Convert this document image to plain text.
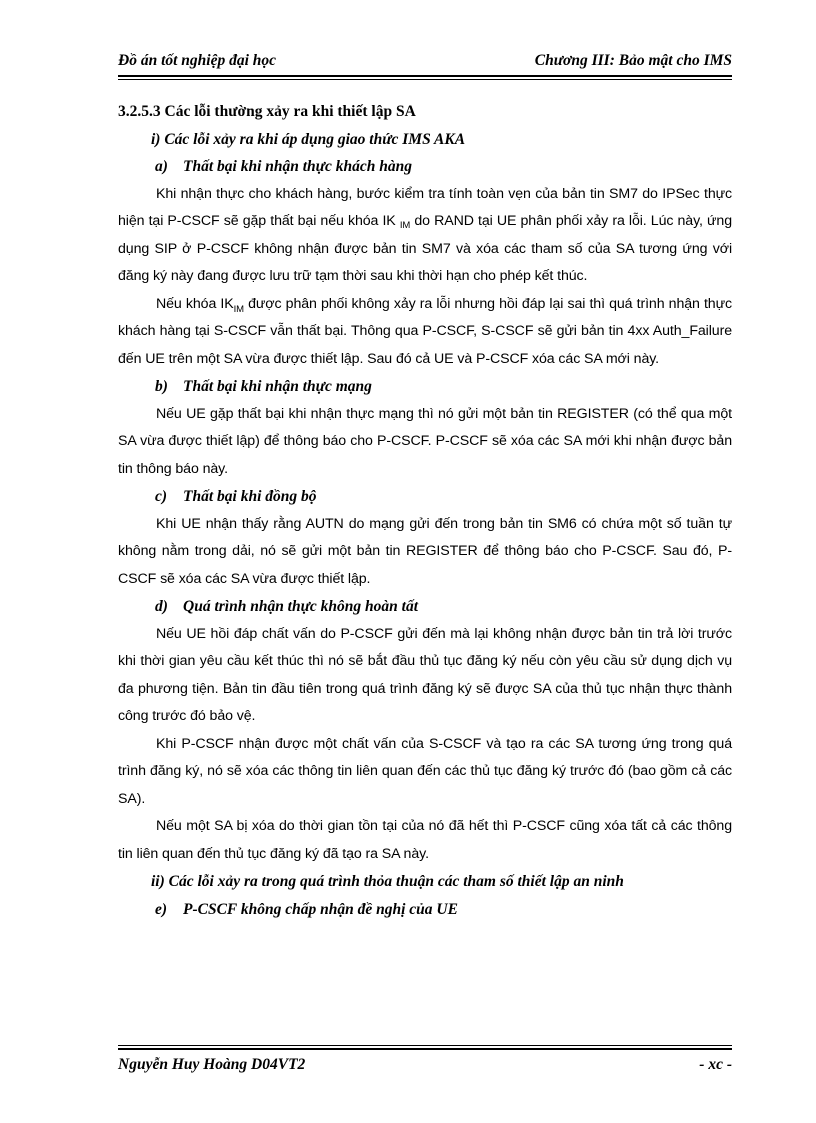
Đồ án tốt nghiệp đại học	Chương III: Bảo mật cho IMS

3.2.5.3 Các lỗi thường xảy ra khi thiết lập SA

i) Các lỗi xảy ra khi áp dụng giao thức IMS AKA

a) Thất bại khi nhận thực khách hàng

Khi nhận thực cho khách hàng, bước kiểm tra tính toàn vẹn của bản tin SM7 do IPSec thực hiện tại P-CSCF sẽ gặp thất bại nếu khóa IK $_{IM}$ do RAND tại UE phân phối xảy ra lỗi. Lúc này, ứng dụng SIP ở P-CSCF không nhận được bản tin SM7 và xóa các tham số của SA tương ứng với đăng ký này đang được lưu trữ tạm thời sau khi thời hạn cho phép kết thúc.

Nếu khóa $IK_{IM}$ được phân phối không xảy ra lỗi nhưng hồi đáp lại sai thì quá trình nhận thực khách hàng tại S-CSCF vẫn thất bại. Thông qua P-CSCF, S-CSCF sẽ gửi bản tin 4xx Auth_Failure đến UE trên một SA vừa được thiết lập. Sau đó cả UE và P-CSCF xóa các SA mới này.

b) Thất bại khi nhận thực mạng

Nếu UE gặp thất bại khi nhận thực mạng thì nó gửi một bản tin REGISTER (có thể qua một SA vừa được thiết lập) để thông báo cho P-CSCF. P-CSCF sẽ xóa các SA mới khi nhận được bản tin thông báo này.

c) Thất bại khi đồng bộ

Khi UE nhận thấy rằng AUTN do mạng gửi đến trong bản tin SM6 có chứa một số tuần tự không nằm trong dải, nó sẽ gửi một bản tin REGISTER để thông báo cho P-CSCF. Sau đó, P-CSCF sẽ xóa các SA vừa được thiết lập.

d) Quá trình nhận thực không hoàn tất

Nếu UE hồi đáp chất vấn do P-CSCF gửi đến mà lại không nhận được bản tin trả lời trước khi thời gian yêu cầu kết thúc thì nó sẽ bắt đầu thủ tục đăng ký nếu còn yêu cầu sử dụng dịch vụ đa phương tiện. Bản tin đầu tiên trong quá trình đăng ký sẽ được SA của thủ tục nhận thực thành công trước đó bảo vệ.

Khi P-CSCF nhận được một chất vấn của S-CSCF và tạo ra các SA tương ứng trong quá trình đăng ký, nó sẽ xóa các thông tin liên quan đến các thủ tục đăng ký trước đó (bao gồm cả các SA).

Nếu một SA bị xóa do thời gian tồn tại của nó đã hết thì P-CSCF cũng xóa tất cả các thông tin liên quan đến thủ tục đăng ký đã tạo ra SA này.

ii) Các lỗi xảy ra trong quá trình thỏa thuận các tham số thiết lập an ninh

e) P-CSCF không chấp nhận đề nghị của UE

Nguyễn Huy Hoàng D04VT2	- xc -
